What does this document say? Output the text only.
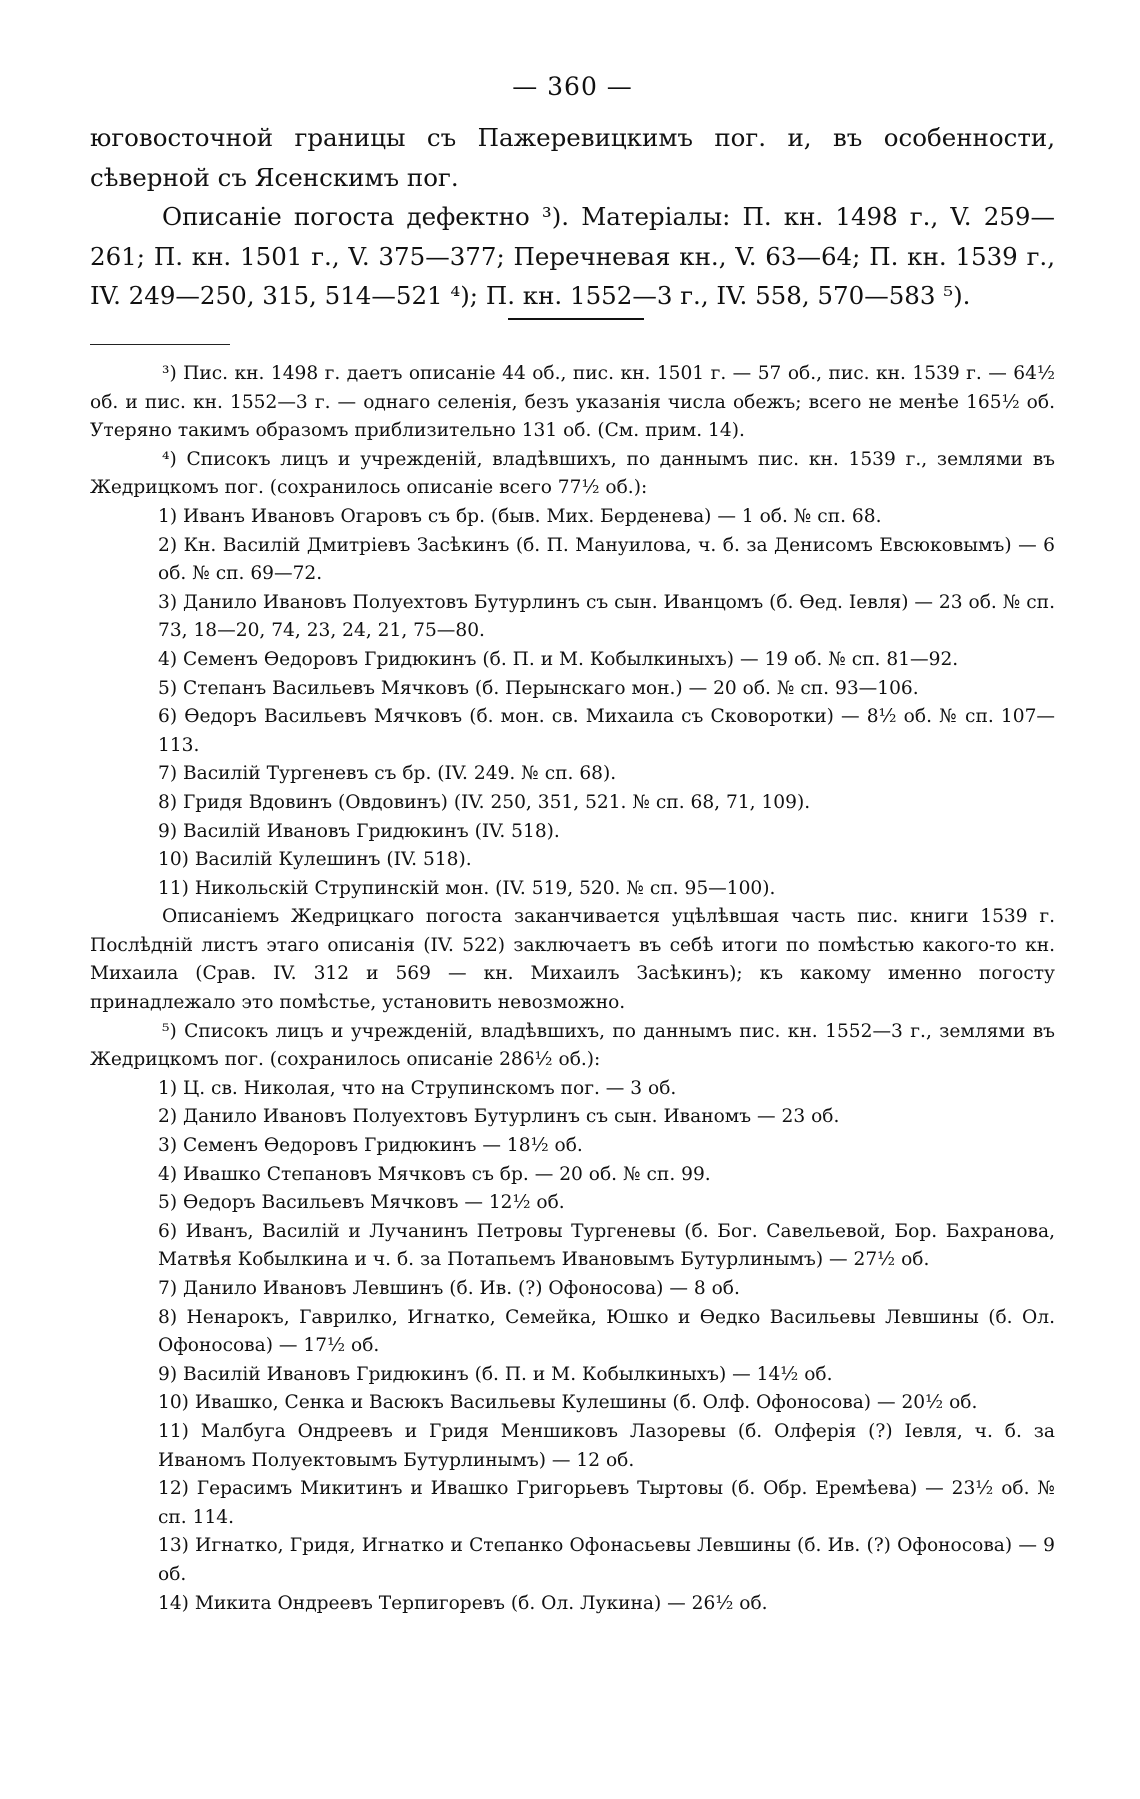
— 360 —

юговосточной границы съ Пажеревицкимъ пог. и, въ особенности, сѣверной съ Ясенскимъ пог.

Описаніе погоста дефектно ³). Матеріалы: П. кн. 1498 г., V. 259—261; П. кн. 1501 г., V. 375—377; Перечневая кн., V. 63—64; П. кн. 1539 г., IV. 249—250, 315, 514—521 ⁴); П. кн. 1552—3 г., IV. 558, 570—583 ⁵).

³) Пис. кн. 1498 г. даетъ описаніе 44 об., пис. кн. 1501 г. — 57 об., пис. кн. 1539 г. — 64½ об. и пис. кн. 1552—3 г. — однаго селенія, безъ указанія числа обежъ; всего не менѣе 165½ об. Утеряно такимъ образомъ приблизительно 131 об. (См. прим. 14).

⁴) Списокъ лицъ и учрежденій, владѣвшихъ, по даннымъ пис. кн. 1539 г., землями въ Жедрицкомъ пог. (сохранилось описаніе всего 77½ об.):

1) Иванъ Ивановъ Огаровъ съ бр. (быв. Мих. Берденева) — 1 об. № сп. 68.

2) Кн. Василій Дмитріевъ Засѣкинъ (б. П. Мануилова, ч. б. за Денисомъ Евсюковымъ) — 6 об. № сп. 69—72.

3) Данило Ивановъ Полуехтовъ Бутурлинъ съ сын. Иванцомъ (б. Ѳед. Іевля) — 23 об. № сп. 73, 18—20, 74, 23, 24, 21, 75—80.

4) Семенъ Ѳедоровъ Гридюкинъ (б. П. и М. Кобылкиныхъ) — 19 об. № сп. 81—92.

5) Степанъ Васильевъ Мячковъ (б. Перынскаго мон.) — 20 об. № сп. 93—106.

6) Ѳедоръ Васильевъ Мячковъ (б. мон. св. Михаила съ Сковоротки) — 8½ об. № сп. 107—113.

7) Василій Тургеневъ съ бр. (IV. 249. № сп. 68).

8) Гридя Вдовинъ (Овдовинъ) (IV. 250, 351, 521. № сп. 68, 71, 109).

9) Василій Ивановъ Гридюкинъ (IV. 518).

10) Василій Кулешинъ (IV. 518).

11) Никольскій Струпинскій мон. (IV. 519, 520. № сп. 95—100).

Описаніемъ Жедрицкаго погоста заканчивается уцѣлѣвшая часть пис. книги 1539 г. Послѣдній листъ этаго описанія (IV. 522) заключаетъ въ себѣ итоги по помѣстью какого-то кн. Михаила (Срав. IV. 312 и 569 — кн. Михаилъ Засѣкинъ); къ какому именно погосту принадлежало это помѣстье, установить невозможно.

⁵) Списокъ лицъ и учрежденій, владѣвшихъ, по даннымъ пис. кн. 1552—3 г., землями въ Жедрицкомъ пог. (сохранилось описаніе 286½ об.):

1) Ц. св. Николая, что на Струпинскомъ пог. — 3 об.

2) Данило Ивановъ Полуехтовъ Бутурлинъ съ сын. Иваномъ — 23 об.

3) Семенъ Ѳедоровъ Гридюкинъ — 18½ об.

4) Ивашко Степановъ Мячковъ съ бр. — 20 об. № сп. 99.

5) Ѳедоръ Васильевъ Мячковъ — 12½ об.

6) Иванъ, Василій и Лучанинъ Петровы Тургеневы (б. Бог. Савельевой, Бор. Бахранова, Матвѣя Кобылкина и ч. б. за Потапьемъ Ивановымъ Бутурлинымъ) — 27½ об.

7) Данило Ивановъ Левшинъ (б. Ив. (?) Офоносова) — 8 об.

8) Ненарокъ, Гаврилко, Игнатко, Семейка, Юшко и Ѳедко Васильевы Левшины (б. Ол. Офоносова) — 17½ об.

9) Василій Ивановъ Гридюкинъ (б. П. и М. Кобылкиныхъ) — 14½ об.

10) Ивашко, Сенка и Васюкъ Васильевы Кулешины (б. Олф. Офоносова) — 20½ об.

11) Малбуга Ондреевъ и Гридя Меншиковъ Лазоревы (б. Олферія (?) Іевля, ч. б. за Иваномъ Полуектовымъ Бутурлинымъ) — 12 об.

12) Герасимъ Микитинъ и Ивашко Григорьевъ Тыртовы (б. Обр. Еремѣева) — 23½ об. № сп. 114.

13) Игнатко, Гридя, Игнатко и Степанко Офонасьевы Левшины (б. Ив. (?) Офоносова) — 9 об.

14) Микита Ондреевъ Терпигоревъ (б. Ол. Лукина) — 26½ об.
